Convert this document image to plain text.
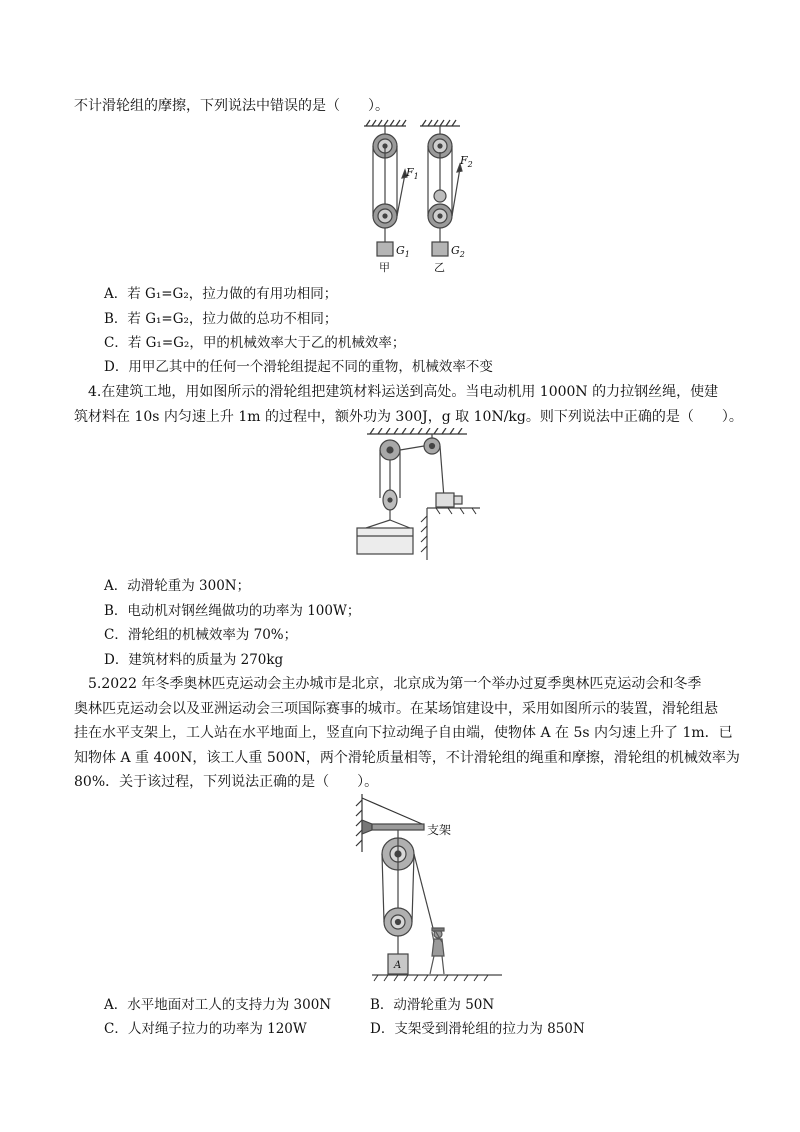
不计滑轮组的摩擦，下列说法中错误的是（　　）。
$F_1$
$F_2$
$G_1$	$G_2$
甲	乙
A．若 G₁=G₂，拉力做的有用功相同；
B．若 G₁=G₂，拉力做的总功不相同；
C．若 G₁=G₂，甲的机械效率大于乙的机械效率；
D．用甲乙其中的任何一个滑轮组提起不同的重物，机械效率不变
4.在建筑工地，用如图所示的滑轮组把建筑材料运送到高处。当电动机用 1000N 的力拉钢丝绳，使建
筑材料在 10s 内匀速上升 1m 的过程中，额外功为 300J，g 取 10N/kg。则下列说法中正确的是（　　）。
A．动滑轮重为 300N；
B．电动机对钢丝绳做功的功率为 100W；
C．滑轮组的机械效率为 70%；
D．建筑材料的质量为 270kg
5.2022 年冬季奥林匹克运动会主办城市是北京，北京成为第一个举办过夏季奥林匹克运动会和冬季
奥林匹克运动会以及亚洲运动会三项国际赛事的城市。在某场馆建设中，采用如图所示的装置，滑轮组悬
挂在水平支架上，工人站在水平地面上，竖直向下拉动绳子自由端，使物体 A 在 5s 内匀速上升了 1m．已
知物体 A 重 400N，该工人重 500N，两个滑轮质量相等，不计滑轮组的绳重和摩擦，滑轮组的机械效率为
80%．关于该过程，下列说法正确的是（　　）。
支架
A
A．水平地面对工人的支持力为 300N	B．动滑轮重为 50N
C．人对绳子拉力的功率为 120W	D．支架受到滑轮组的拉力为 850N
